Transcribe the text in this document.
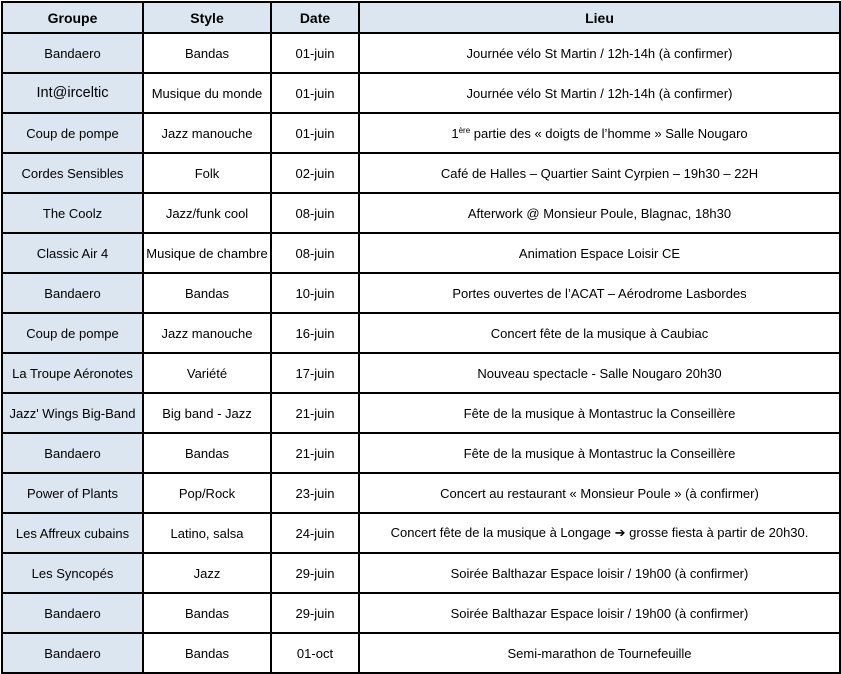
Groupe	Style	Date	Lieu
Bandaero	Bandas	01-juin	Journée vélo St Martin / 12h-14h (à confirmer)
Int@irceltic	Musique du monde	01-juin	Journée vélo St Martin / 12h-14h (à confirmer)
Coup de pompe	Jazz manouche	01-juin	1ère partie des « doigts de l’homme » Salle Nougaro
Cordes Sensibles	Folk	02-juin	Café de Halles – Quartier Saint Cyrpien – 19h30 – 22H
The Coolz	Jazz/funk cool	08-juin	Afterwork @ Monsieur Poule, Blagnac, 18h30
Classic Air 4	Musique de chambre	08-juin	Animation Espace Loisir CE
Bandaero	Bandas	10-juin	Portes ouvertes de l’ACAT – Aérodrome Lasbordes
Coup de pompe	Jazz manouche	16-juin	Concert fête de la musique à Caubiac
La Troupe Aéronotes	Variété	17-juin	Nouveau spectacle - Salle Nougaro 20h30
Jazz' Wings Big-Band	Big band - Jazz	21-juin	Fête de la musique à Montastruc la Conseillère
Bandaero	Bandas	21-juin	Fête de la musique à Montastruc la Conseillère
Power of Plants	Pop/Rock	23-juin	Concert au restaurant « Monsieur Poule » (à confirmer)
Les Affreux cubains	Latino, salsa	24-juin	Concert fête de la musique à Longage ➔ grosse fiesta à partir de 20h30.
Les Syncopés	Jazz	29-juin	Soirée Balthazar Espace loisir / 19h00 (à confirmer)
Bandaero	Bandas	29-juin	Soirée Balthazar Espace loisir / 19h00 (à confirmer)
Bandaero	Bandas	01-oct	Semi-marathon de Tournefeuille
